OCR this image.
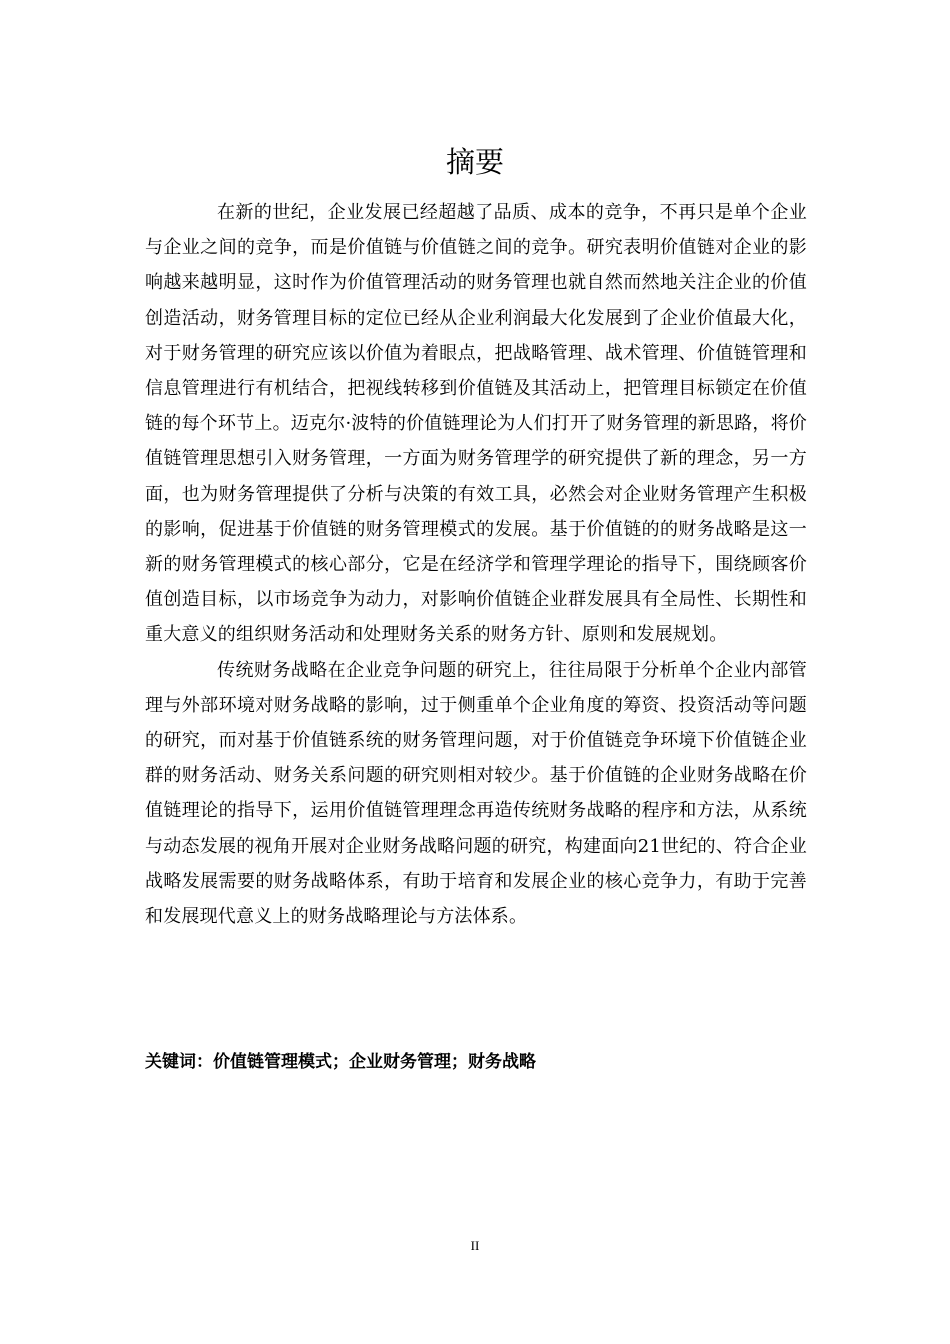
摘要

在新的世纪，企业发展已经超越了品质、成本的竞争，不再只是单个企业与企业之间的竞争，而是价值链与价值链之间的竞争。研究表明价值链对企业的影响越来越明显，这时作为价值管理活动的财务管理也就自然而然地关注企业的价值创造活动，财务管理目标的定位已经从企业利润最大化发展到了企业价值最大化，对于财务管理的研究应该以价值为着眼点，把战略管理、战术管理、价值链管理和信息管理进行有机结合，把视线转移到价值链及其活动上，把管理目标锁定在价值链的每个环节上。迈克尔·波特的价值链理论为人们打开了财务管理的新思路，将价值链管理思想引入财务管理，一方面为财务管理学的研究提供了新的理念，另一方面，也为财务管理提供了分析与决策的有效工具，必然会对企业财务管理产生积极的影响，促进基于价值链的财务管理模式的发展。基于价值链的的财务战略是这一新的财务管理模式的核心部分，它是在经济学和管理学理论的指导下，围绕顾客价值创造目标，以市场竞争为动力，对影响价值链企业群发展具有全局性、长期性和重大意义的组织财务活动和处理财务关系的财务方针、原则和发展规划。

传统财务战略在企业竞争问题的研究上，往往局限于分析单个企业内部管理与外部环境对财务战略的影响，过于侧重单个企业角度的筹资、投资活动等问题的研究，而对基于价值链系统的财务管理问题，对于价值链竞争环境下价值链企业群的财务活动、财务关系问题的研究则相对较少。基于价值链的企业财务战略在价值链理论的指导下，运用价值链管理理念再造传统财务战略的程序和方法，从系统与动态发展的视角开展对企业财务战略问题的研究，构建面向21世纪的、符合企业战略发展需要的财务战略体系，有助于培育和发展企业的核心竞争力，有助于完善和发展现代意义上的财务战略理论与方法体系。

关键词：价值链管理模式；企业财务管理；财务战略
II
